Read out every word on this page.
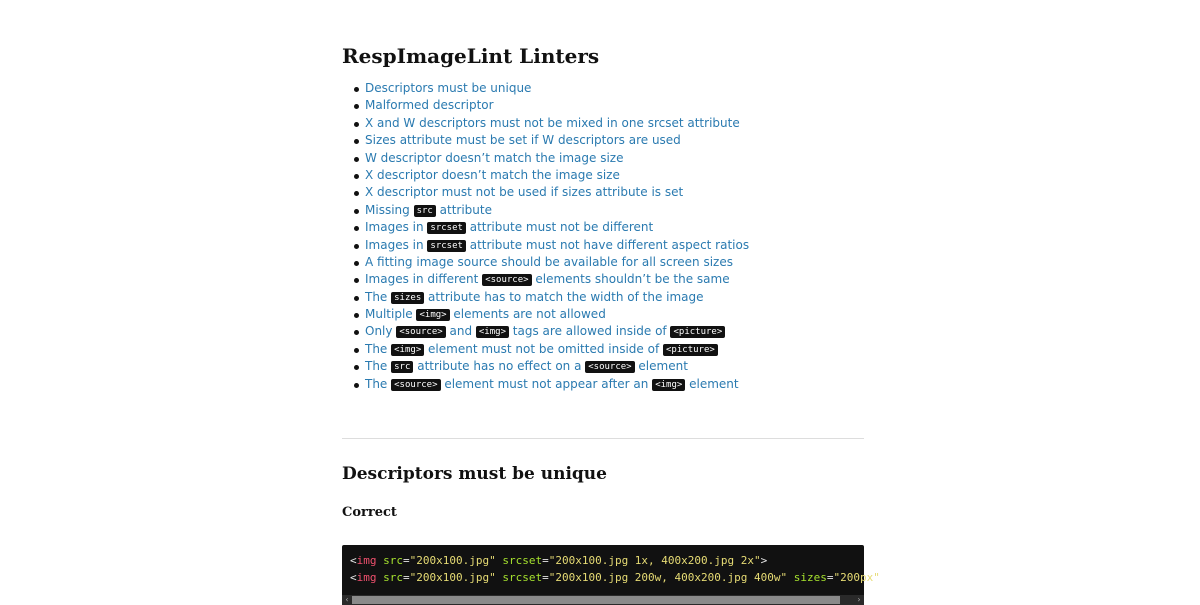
RespImageLint Linters
Descriptors must be unique
Malformed descriptor
X and W descriptors must not be mixed in one srcset attribute
Sizes attribute must be set if W descriptors are used
W descriptor doesn’t match the image size
X descriptor doesn’t match the image size
X descriptor must not be used if sizes attribute is set
Missing src attribute
Images in srcset attribute must not be different
Images in srcset attribute must not have different aspect ratios
A fitting image source should be available for all screen sizes
Images in different <source> elements shouldn’t be the same
The sizes attribute has to match the width of the image
Multiple <img> elements are not allowed
Only <source> and <img> tags are allowed inside of <picture>
The <img> element must not be omitted inside of <picture>
The src attribute has no effect on a <source> element
The <source> element must not appear after an <img> element
Descriptors must be unique
Correct
<img src="200x100.jpg" srcset="200x100.jpg 1x, 400x200.jpg 2x">
<img src="200x100.jpg" srcset="200x100.jpg 200w, 400x200.jpg 400w" sizes="200px"
‹	›
